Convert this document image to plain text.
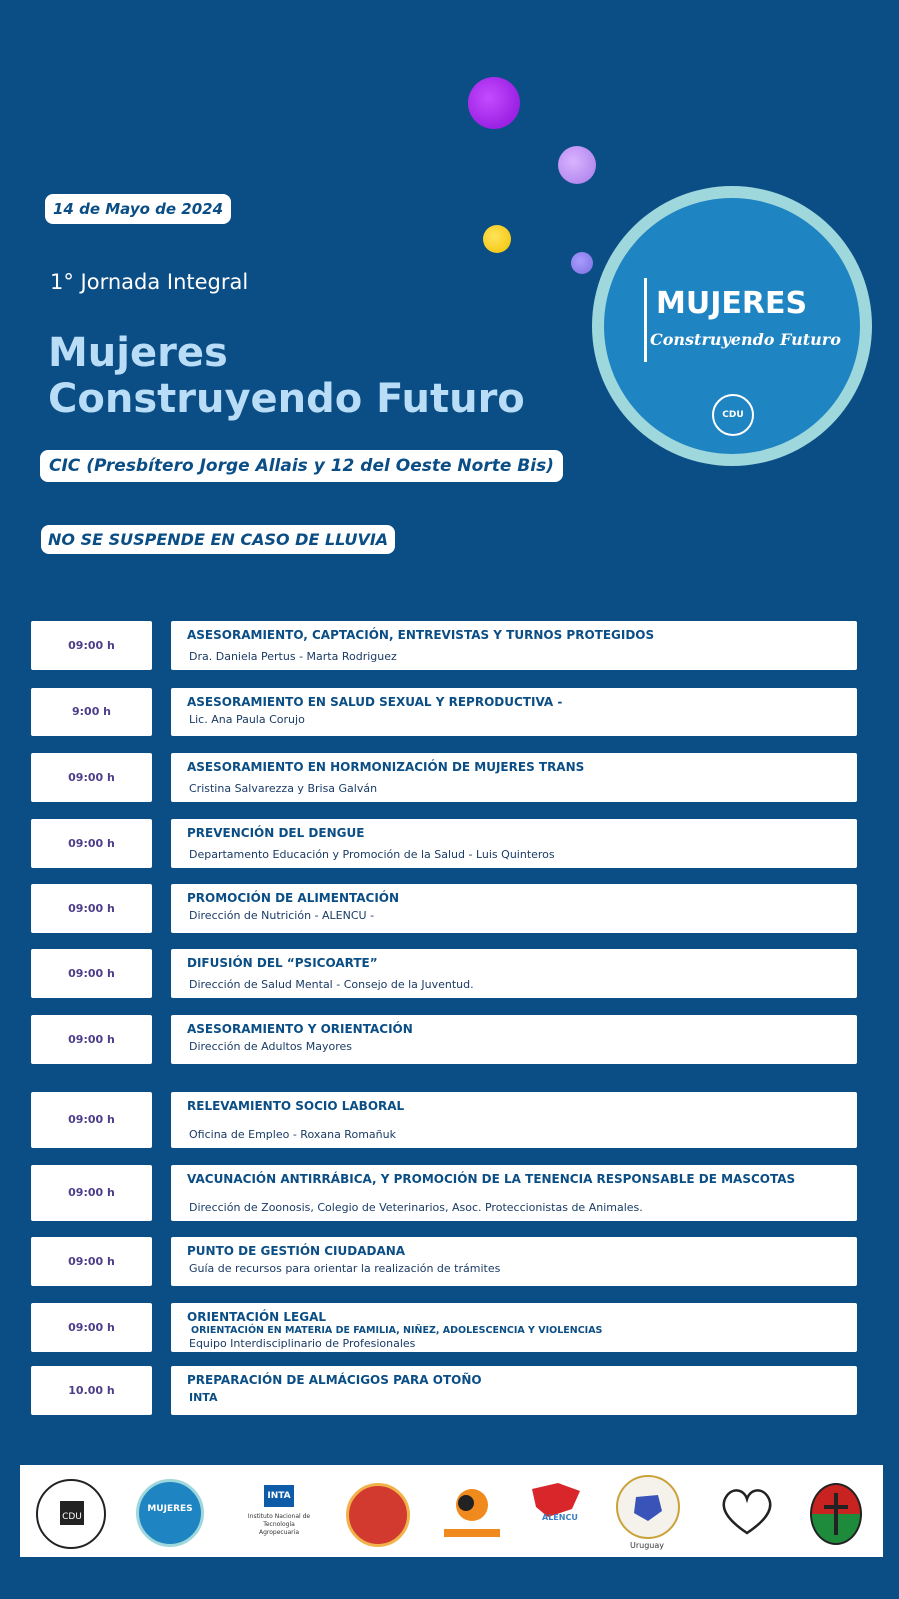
14 de Mayo de 2024
1° Jornada Integral
Mujeres
Construyendo Futuro
CIC (Presbítero Jorge Allais y 12 del Oeste Norte Bis)
NO SE SUSPENDE EN CASO DE LLUVIA
MUJERES
Construyendo Futuro
CDU
09:00 h
ASESORAMIENTO, CAPTACIÓN, ENTREVISTAS Y TURNOS PROTEGIDOS
Dra. Daniela Pertus - Marta Rodriguez
9:00 h
ASESORAMIENTO EN SALUD SEXUAL Y REPRODUCTIVA -
Lic. Ana Paula Corujo
09:00 h
ASESORAMIENTO EN HORMONIZACIÓN DE MUJERES TRANS
Cristina Salvarezza y Brisa Galván
09:00 h
PREVENCIÓN DEL DENGUE
Departamento Educación y Promoción de la Salud - Luis Quinteros
09:00 h
PROMOCIÓN DE ALIMENTACIÓN
Dirección de Nutrición - ALENCU -
09:00 h
DIFUSIÓN DEL “PSICOARTE”
Dirección de Salud Mental - Consejo de la Juventud.
09:00 h
ASESORAMIENTO Y ORIENTACIÓN
Dirección de Adultos Mayores
09:00 h
RELEVAMIENTO SOCIO LABORAL
Oficina de Empleo - Roxana Romañuk
09:00 h
VACUNACIÓN ANTIRRÁBICA, Y PROMOCIÓN DE LA TENENCIA RESPONSABLE DE MASCOTAS
Dirección de Zoonosis, Colegio de Veterinarios, Asoc. Proteccionistas de Animales.
09:00 h
PUNTO DE GESTIÓN CIUDADANA
Guía de recursos para orientar la realización de trámites
09:00 h
ORIENTACIÓN LEGAL
ORIENTACIÓN EN MATERIA DE FAMILIA, NIÑEZ, ADOLESCENCIA Y VIOLENCIAS
Equipo Interdisciplinario de Profesionales
10.00 h
PREPARACIÓN DE ALMÁCIGOS PARA OTOÑO
INTA
CDU
MUJERES
INTA
Instituto Nacional de Tecnología Agropecuaria
ALENCU
Uruguay
